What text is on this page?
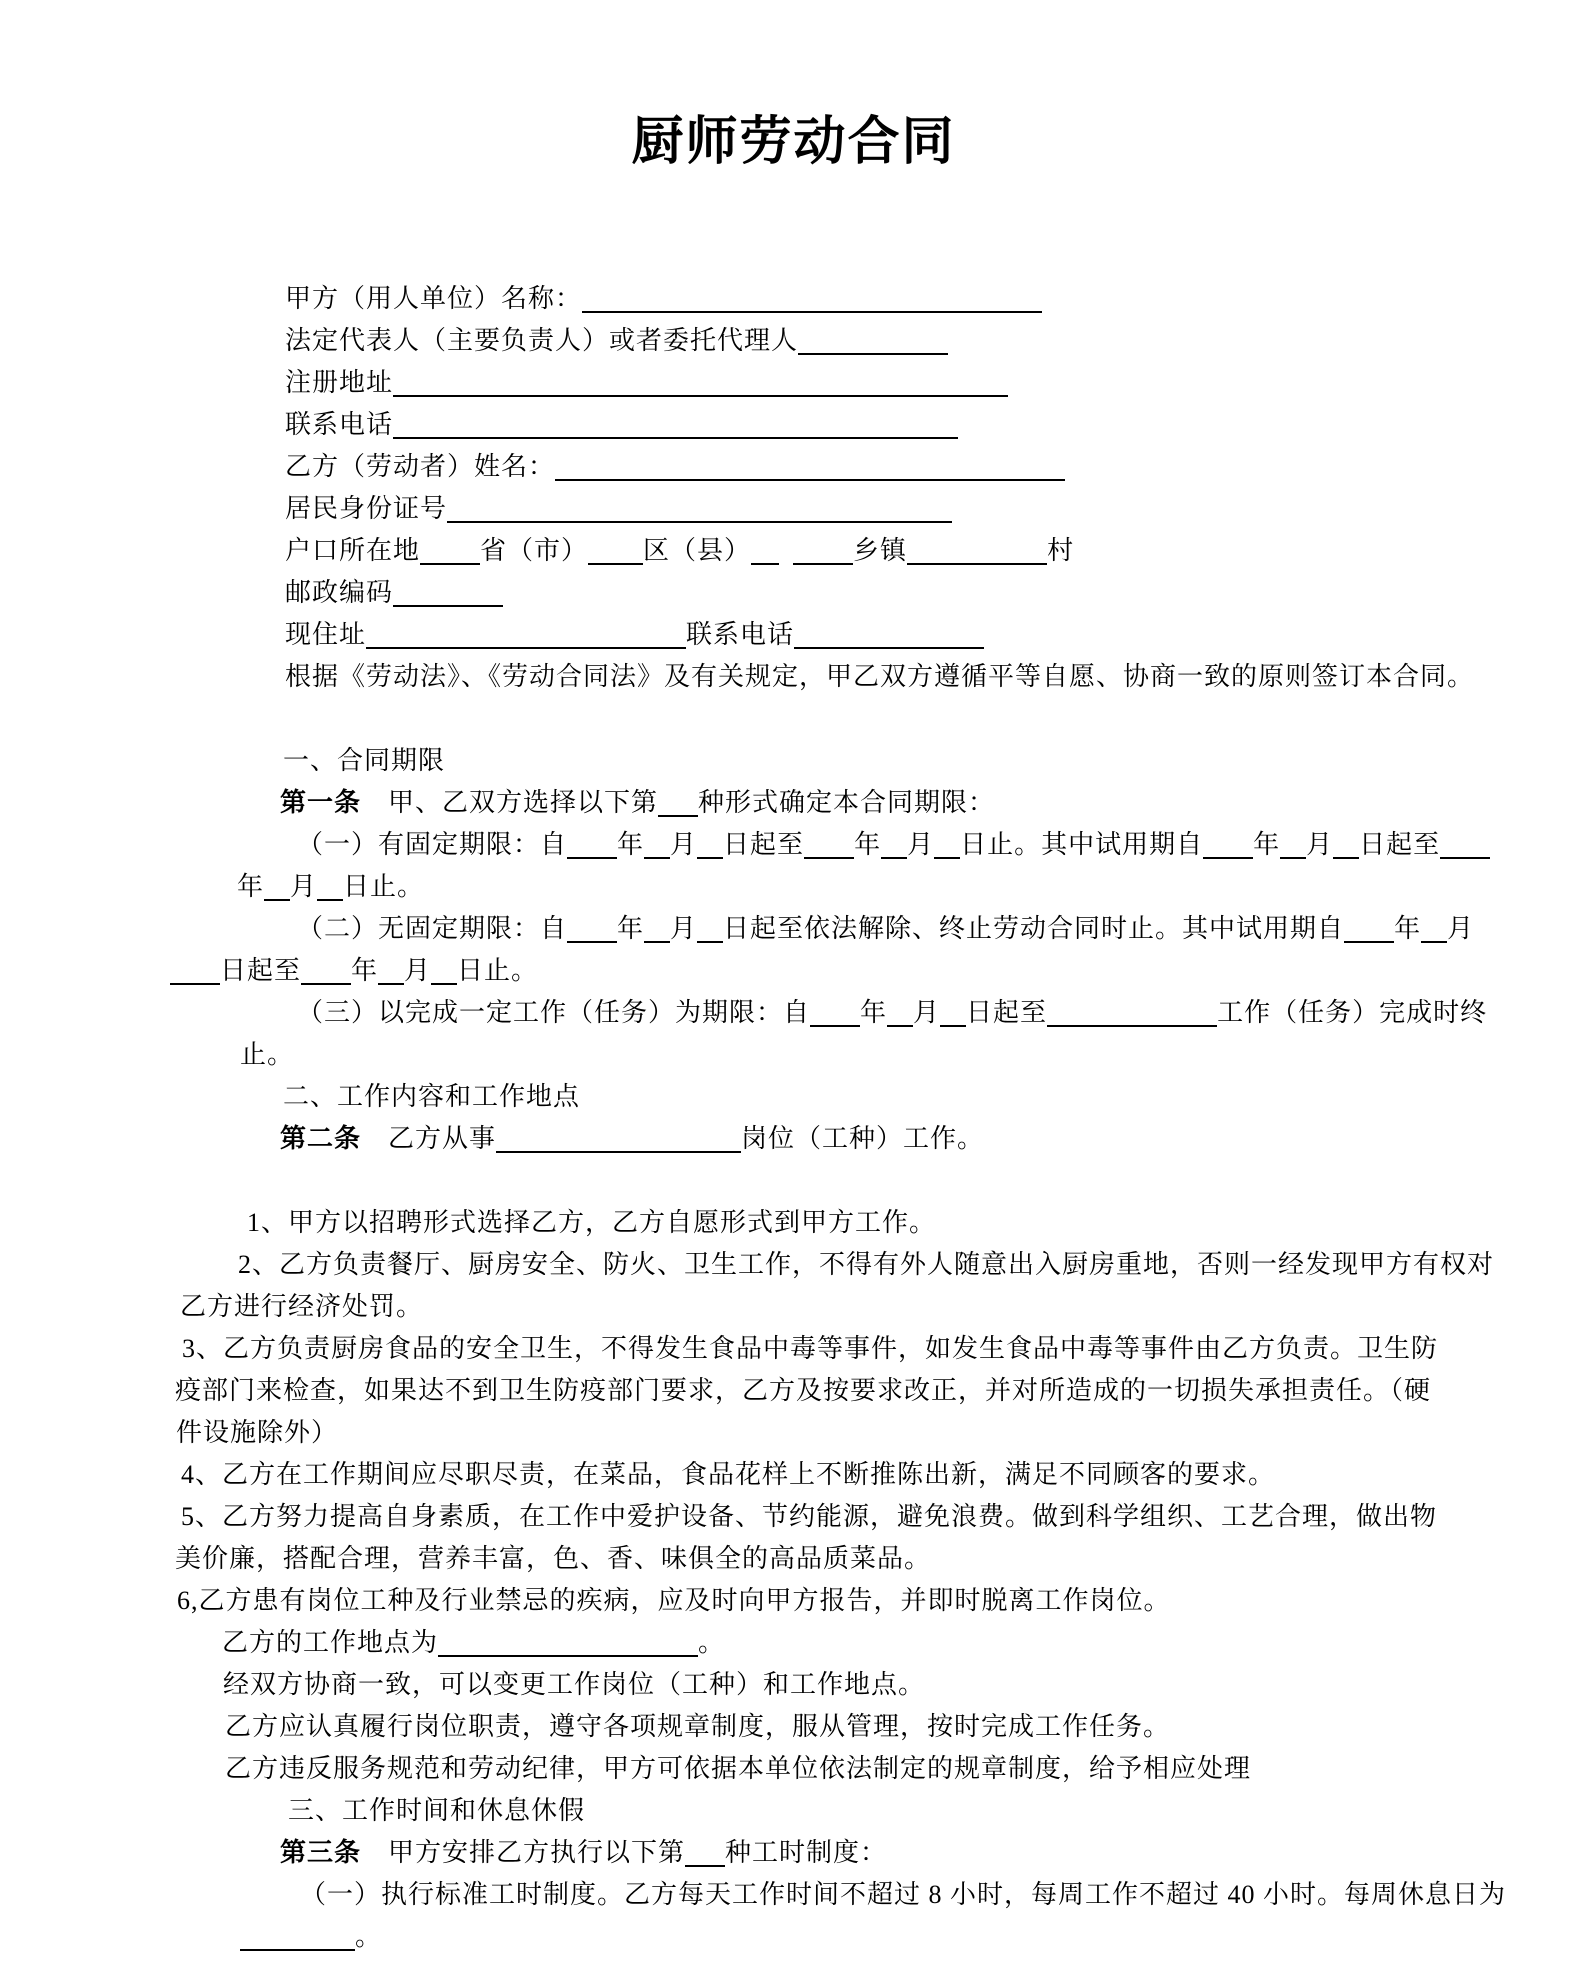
厨师劳动合同
甲方（用人单位）名称：
法定代表人（主要负责人）或者委托代理人
注册地址
联系电话
乙方（劳动者）姓名：
居民身份证号
户口所在地 省（市） 区（县）	乡镇	村
邮政编码
现住址	联系电话
根据《劳动法》、《劳动合同法》及有关规定，甲乙双方遵循平等自愿、协商一致的原则签订本合同。
一、合同期限
第一条　甲、乙双方选择以下第 种形式确定本合同期限：
（一）有固定期限：自 年 月 日起至 年 月 日止。其中试用期自 年 月 日起至
年 月 日止。
（二）无固定期限：自 年 月 日起至依法解除、终止劳动合同时止。其中试用期自 年 月
日起至 年 月 日止。
（三）以完成一定工作（任务）为期限：自 年 月 日起至	工作（任务）完成时终
止。
二、工作内容和工作地点
第二条　乙方从事	岗位（工种）工作。
1、甲方以招聘形式选择乙方，乙方自愿形式到甲方工作。
2、乙方负责餐厅、厨房安全、防火、卫生工作，不得有外人随意出入厨房重地，否则一经发现甲方有权对
乙方进行经济处罚。
3、乙方负责厨房食品的安全卫生，不得发生食品中毒等事件，如发生食品中毒等事件由乙方负责。卫生防
疫部门来检查，如果达不到卫生防疫部门要求，乙方及按要求改正，并对所造成的一切损失承担责任。（硬
件设施除外）
4、乙方在工作期间应尽职尽责，在菜品，食品花样上不断推陈出新，满足不同顾客的要求。
5、乙方努力提高自身素质，在工作中爱护设备、节约能源，避免浪费。做到科学组织、工艺合理，做出物
美价廉，搭配合理，营养丰富，色、香、味俱全的高品质菜品。
6,乙方患有岗位工种及行业禁忌的疾病，应及时向甲方报告，并即时脱离工作岗位。
乙方的工作地点为	。
经双方协商一致，可以变更工作岗位（工种）和工作地点。
乙方应认真履行岗位职责，遵守各项规章制度，服从管理，按时完成工作任务。
乙方违反服务规范和劳动纪律，甲方可依据本单位依法制定的规章制度，给予相应处理
三、工作时间和休息休假
第三条　甲方安排乙方执行以下第 种工时制度：
（一）执行标准工时制度。乙方每天工作时间不超过 8 小时，每周工作不超过 40 小时。每周休息日为
。
